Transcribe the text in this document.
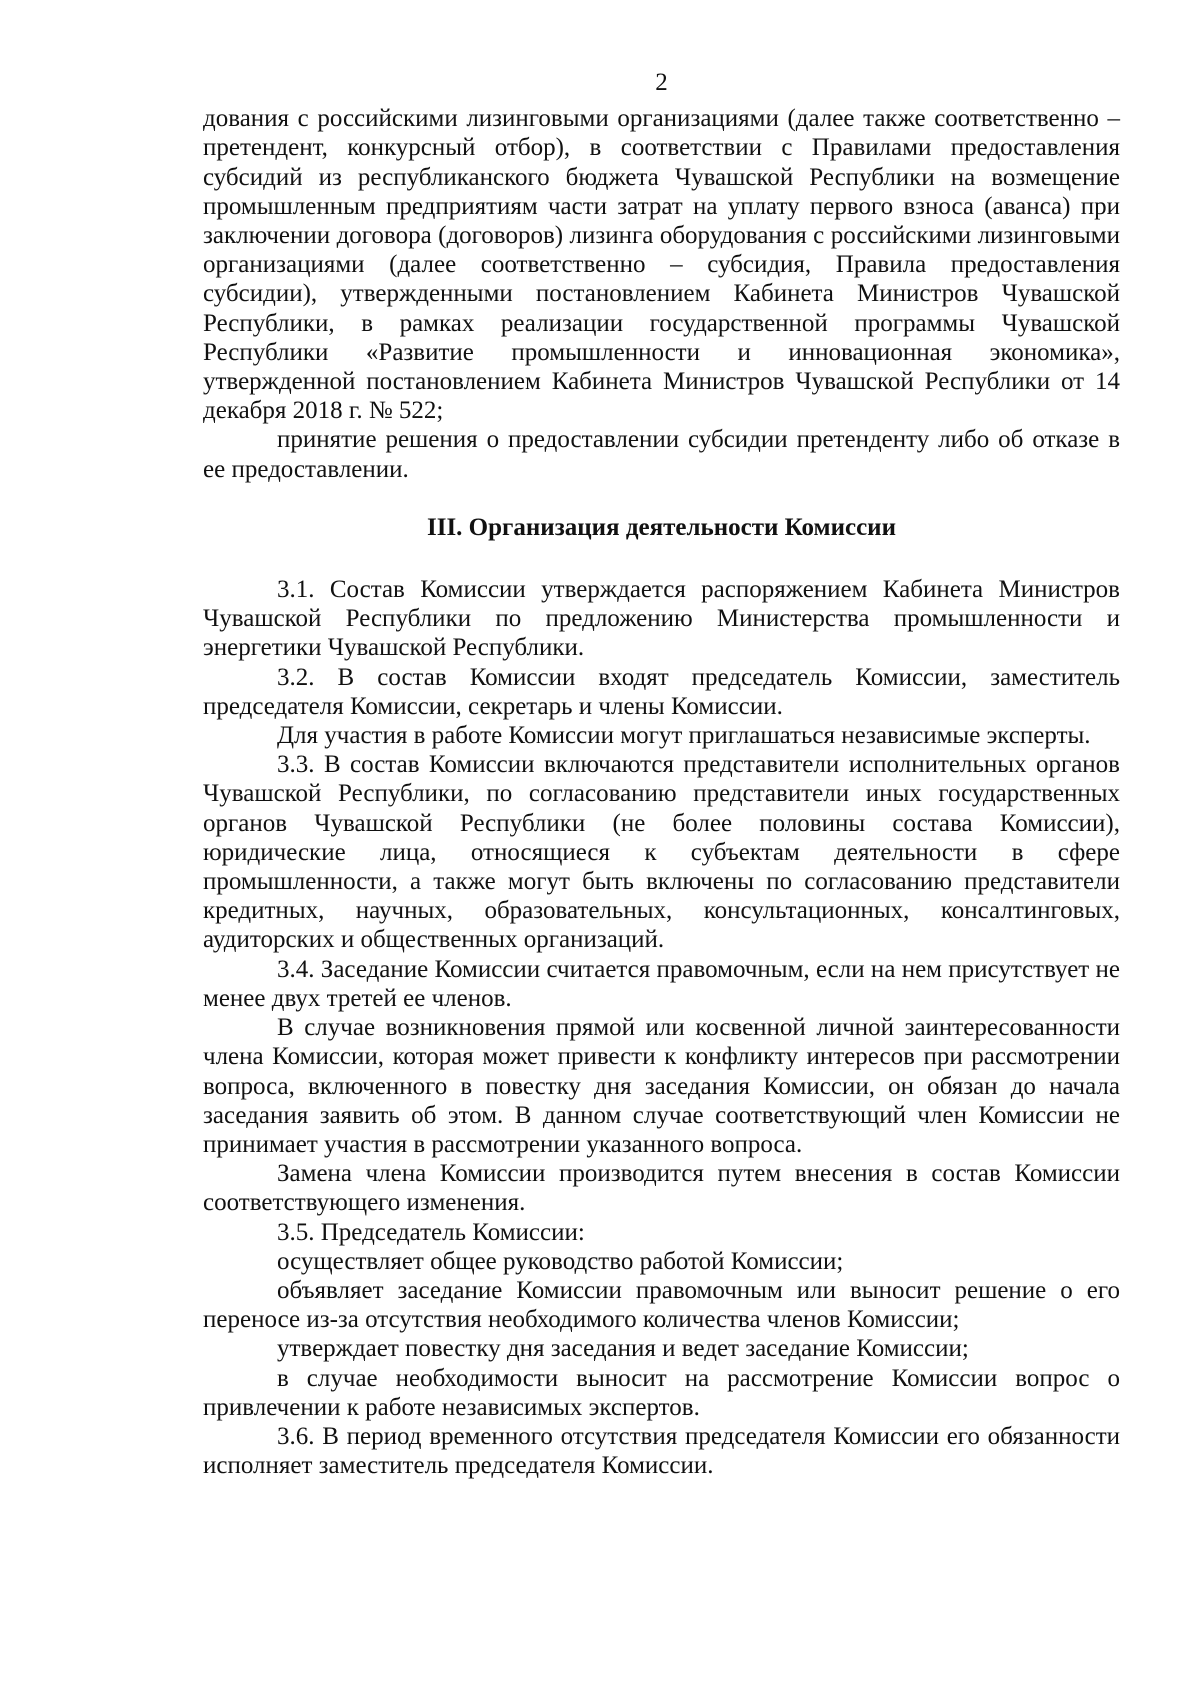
2

дования с российскими лизинговыми организациями (далее также соответственно – претендент, конкурсный отбор), в соответствии с Правилами предоставления субсидий из республиканского бюджета Чувашской Республики на возмещение промышленным предприятиям части затрат на уплату первого взноса (аванса) при заключении договора (договоров) лизинга оборудования с российскими лизинговыми организациями (далее соответственно – субсидия, Правила предоставления субсидии), утвержденными постановлением Кабинета Министров Чувашской Республики, в рамках реализации государственной программы Чувашской Республики «Развитие промышленности и инновационная экономика», утвержденной постановлением Кабинета Министров Чувашской Республики от 14 декабря 2018 г. № 522;

принятие решения о предоставлении субсидии претенденту либо об отказе в ее предоставлении.

III. Организация деятельности Комиссии

3.1. Состав Комиссии утверждается распоряжением Кабинета Министров Чувашской Республики по предложению Министерства промышленности и энергетики Чувашской Республики.

3.2. В состав Комиссии входят председатель Комиссии, заместитель председателя Комиссии, секретарь и члены Комиссии.

Для участия в работе Комиссии могут приглашаться независимые эксперты.

3.3. В состав Комиссии включаются представители исполнительных органов Чувашской Республики, по согласованию представители иных государственных органов Чувашской Республики (не более половины состава Комиссии), юридические лица, относящиеся к субъектам деятельности в сфере промышленности, а также могут быть включены по согласованию представители кредитных, научных, образовательных, консультационных, консалтинговых, аудиторских и общественных организаций.

3.4. Заседание Комиссии считается правомочным, если на нем присутствует не менее двух третей ее членов.

В случае возникновения прямой или косвенной личной заинтересованности члена Комиссии, которая может привести к конфликту интересов при рассмотрении вопроса, включенного в повестку дня заседания Комиссии, он обязан до начала заседания заявить об этом. В данном случае соответствующий член Комиссии не принимает участия в рассмотрении указанного вопроса.

Замена члена Комиссии производится путем внесения в состав Комиссии соответствующего изменения.

3.5. Председатель Комиссии:

осуществляет общее руководство работой Комиссии;

объявляет заседание Комиссии правомочным или выносит решение о его переносе из-за отсутствия необходимого количества членов Комиссии;

утверждает повестку дня заседания и ведет заседание Комиссии;

в случае необходимости выносит на рассмотрение Комиссии вопрос о привлечении к работе независимых экспертов.

3.6. В период временного отсутствия председателя Комиссии его обязанности исполняет заместитель председателя Комиссии.
